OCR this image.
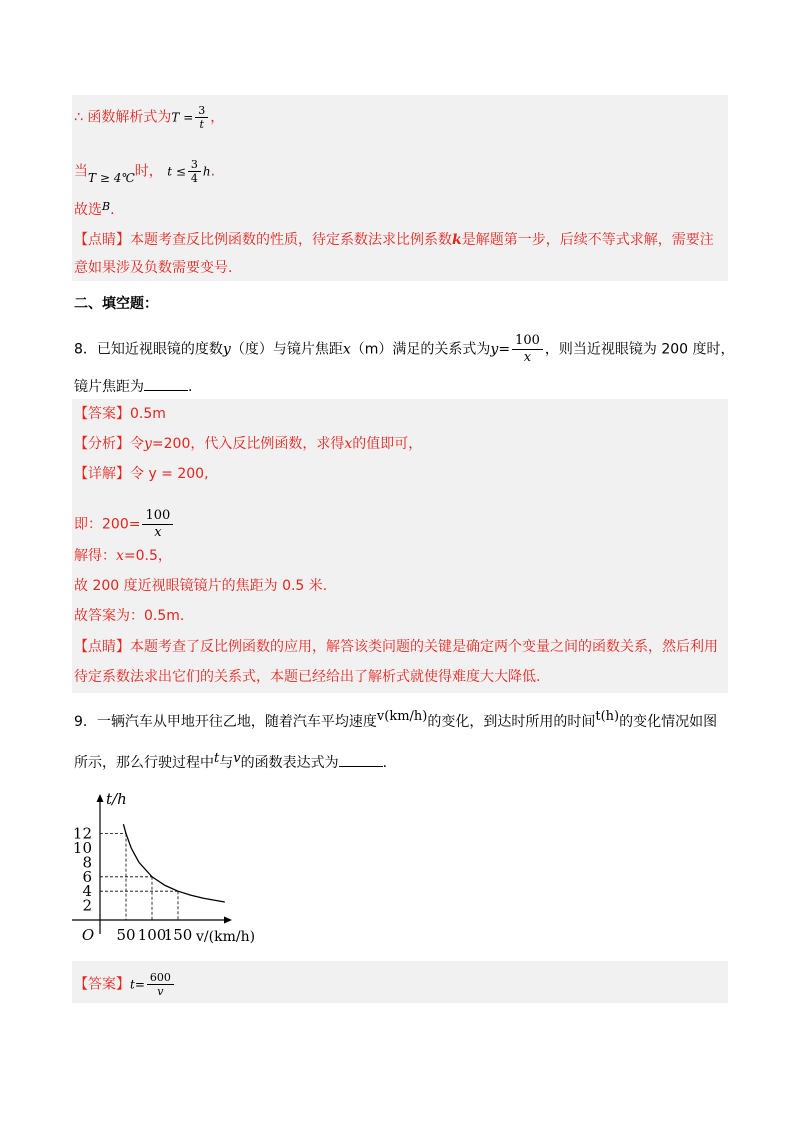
∴ 函数解析式为$T = \frac{3}{t}$ ，
当T ≥ 4℃时， $t \le \frac{3}{4} h$.
故选$^B$.
【点睛】本题考查反比例函数的性质，待定系数法求比例系数k是解题第一步，后续不等式求解，需要注
意如果涉及负数需要变号.
二、填空题：
8．已知近视眼镜的度数y（度）与镜片焦距x（m）满足的关系式为$y= \frac{100}{x}$ ，则当近视眼镜为 200 度时，
镜片焦距为	.
【答案】0.5m
【分析】令y=200，代入反比例函数，求得x的值即可，
【详解】令 y = 200,
即：$200= \frac{100}{x}$
解得：x=0.5，
故 200 度近视眼镜镜片的焦距为 0.5 米.
故答案为：0.5m.
【点睛】本题考查了反比例函数的应用，解答该类问题的关键是确定两个变量之间的函数关系，然后利用
待定系数法求出它们的关系式，本题已经给出了解析式就使得难度大大降低.
9．一辆汽车从甲地开往乙地，随着汽车平均速度v(km/h)的变化，到达时所用的时间t(h)的变化情况如图
所示，那么行驶过程中t与v的函数表达式为	.
2
4
6
8
10
12
50 100
150
O
t/h
v/(km/h)
【答案】$t= \frac{600}{v}$
